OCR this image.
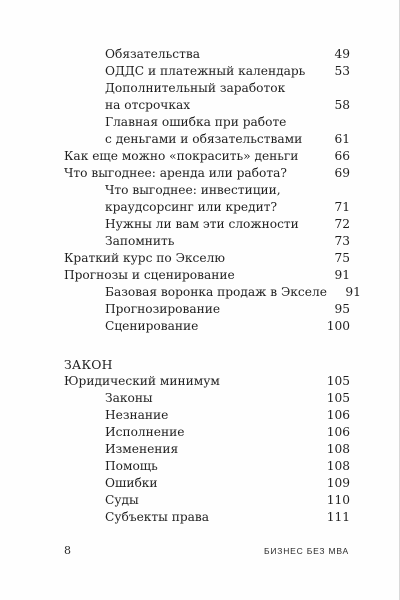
Обязательства	49
ОДДС и платежный календарь	53
Дополнительный заработок
на отсрочках	58
Главная ошибка при работе
с деньгами и обязательствами	61
Как еще можно «покрасить» деньги	66
Что выгоднее: аренда или работа?	69
Что выгоднее: инвестиции,
краудсорсинг или кредит?	71
Нужны ли вам эти сложности	72
Запомнить	73
Краткий курс по Экселю	75
Прогнозы и сценирование	91
Базовая воронка продаж в Экселе	91
Прогнозирование	95
Сценирование	100
ЗАКОН
Юридический минимум	105
Законы	105
Незнание	106
Исполнение	106
Изменения	108
Помощь	108
Ошибки	109
Суды	110
Субъекты права	111
8	БИЗНЕС БЕЗ МВА
